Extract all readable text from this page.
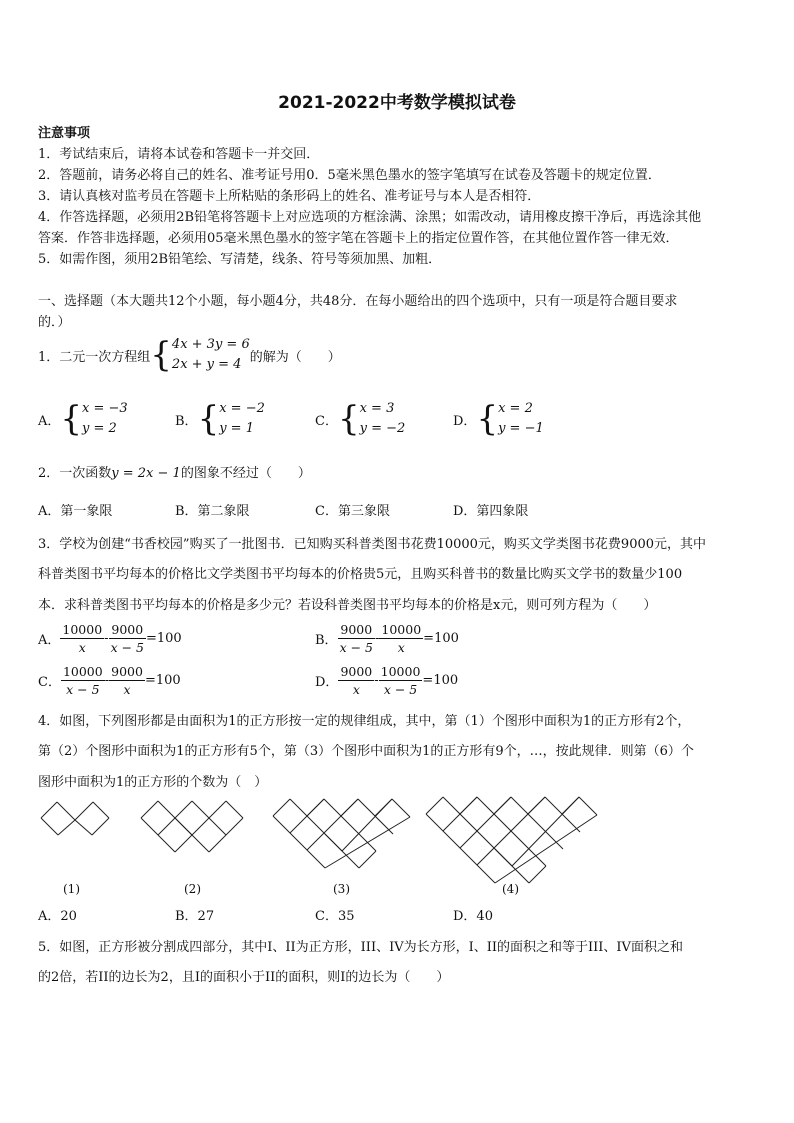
2021-2022中考数学模拟试卷
注意事项
1．考试结束后，请将本试卷和答题卡一并交回．
2．答题前，请务必将自己的姓名、准考证号用0．5毫米黑色墨水的签字笔填写在试卷及答题卡的规定位置．
3．请认真核对监考员在答题卡上所粘贴的条形码上的姓名、准考证号与本人是否相符．
4．作答选择题，必须用2B铅笔将答题卡上对应选项的方框涂满、涂黑；如需改动，请用橡皮擦干净后，再选涂其他
答案．作答非选择题，必须用05毫米黑色墨水的签字笔在答题卡上的指定位置作答，在其他位置作答一律无效．
5．如需作图，须用2B铅笔绘、写清楚，线条、符号等须加黑、加粗．
一、选择题（本大题共12个小题，每小题4分，共48分．在每小题给出的四个选项中，只有一项是符合题目要求
的．）
1．二元一次方程组 { 4x + 3y = 6
2x + y = 4 的解为（　　）
A． { x = −3
y = 2	B． { x = −2
y = 1	C． { x = 3
y = −2	D． { x = 2
y = −1
2．一次函数y = 2x − 1的图象不经过（　　）
A．第一象限	B．第二象限	C．第三象限	D．第四象限
3．学校为创建“书香校园”购买了一批图书．已知购买科普类图书花费10000元，购买文学类图书花费9000元，其中
科普类图书平均每本的价格比文学类图书平均每本的价格贵5元，且购买科普书的数量比购买文学书的数量少100
本．求科普类图书平均每本的价格是多少元？若设科普类图书平均每本的价格是x元，则可列方程为（　　）
A． $\frac{10000}{x} - \frac{9000}{x - 5} =100$	B． $\frac{9000}{x - 5} - \frac{10000}{x} =100$
C． $\frac{10000}{x - 5} - \frac{9000}{x} =100$	D． $\frac{9000}{x} - \frac{10000}{x - 5} =100$
4．如图，下列图形都是由面积为1的正方形按一定的规律组成，其中，第（1）个图形中面积为1的正方形有2个，
第（2）个图形中面积为1的正方形有5个，第（3）个图形中面积为1的正方形有9个，…，按此规律．则第（6）个
图形中面积为1的正方形的个数为（　）
(1)	(2)	(3)	(4)
A．20	B．27	C．35	D．40
5．如图，正方形被分割成四部分，其中I、II为正方形，III、IV为长方形，I、II的面积之和等于III、IV面积之和
的2倍，若II的边长为2，且I的面积小于II的面积，则I的边长为（　　）
